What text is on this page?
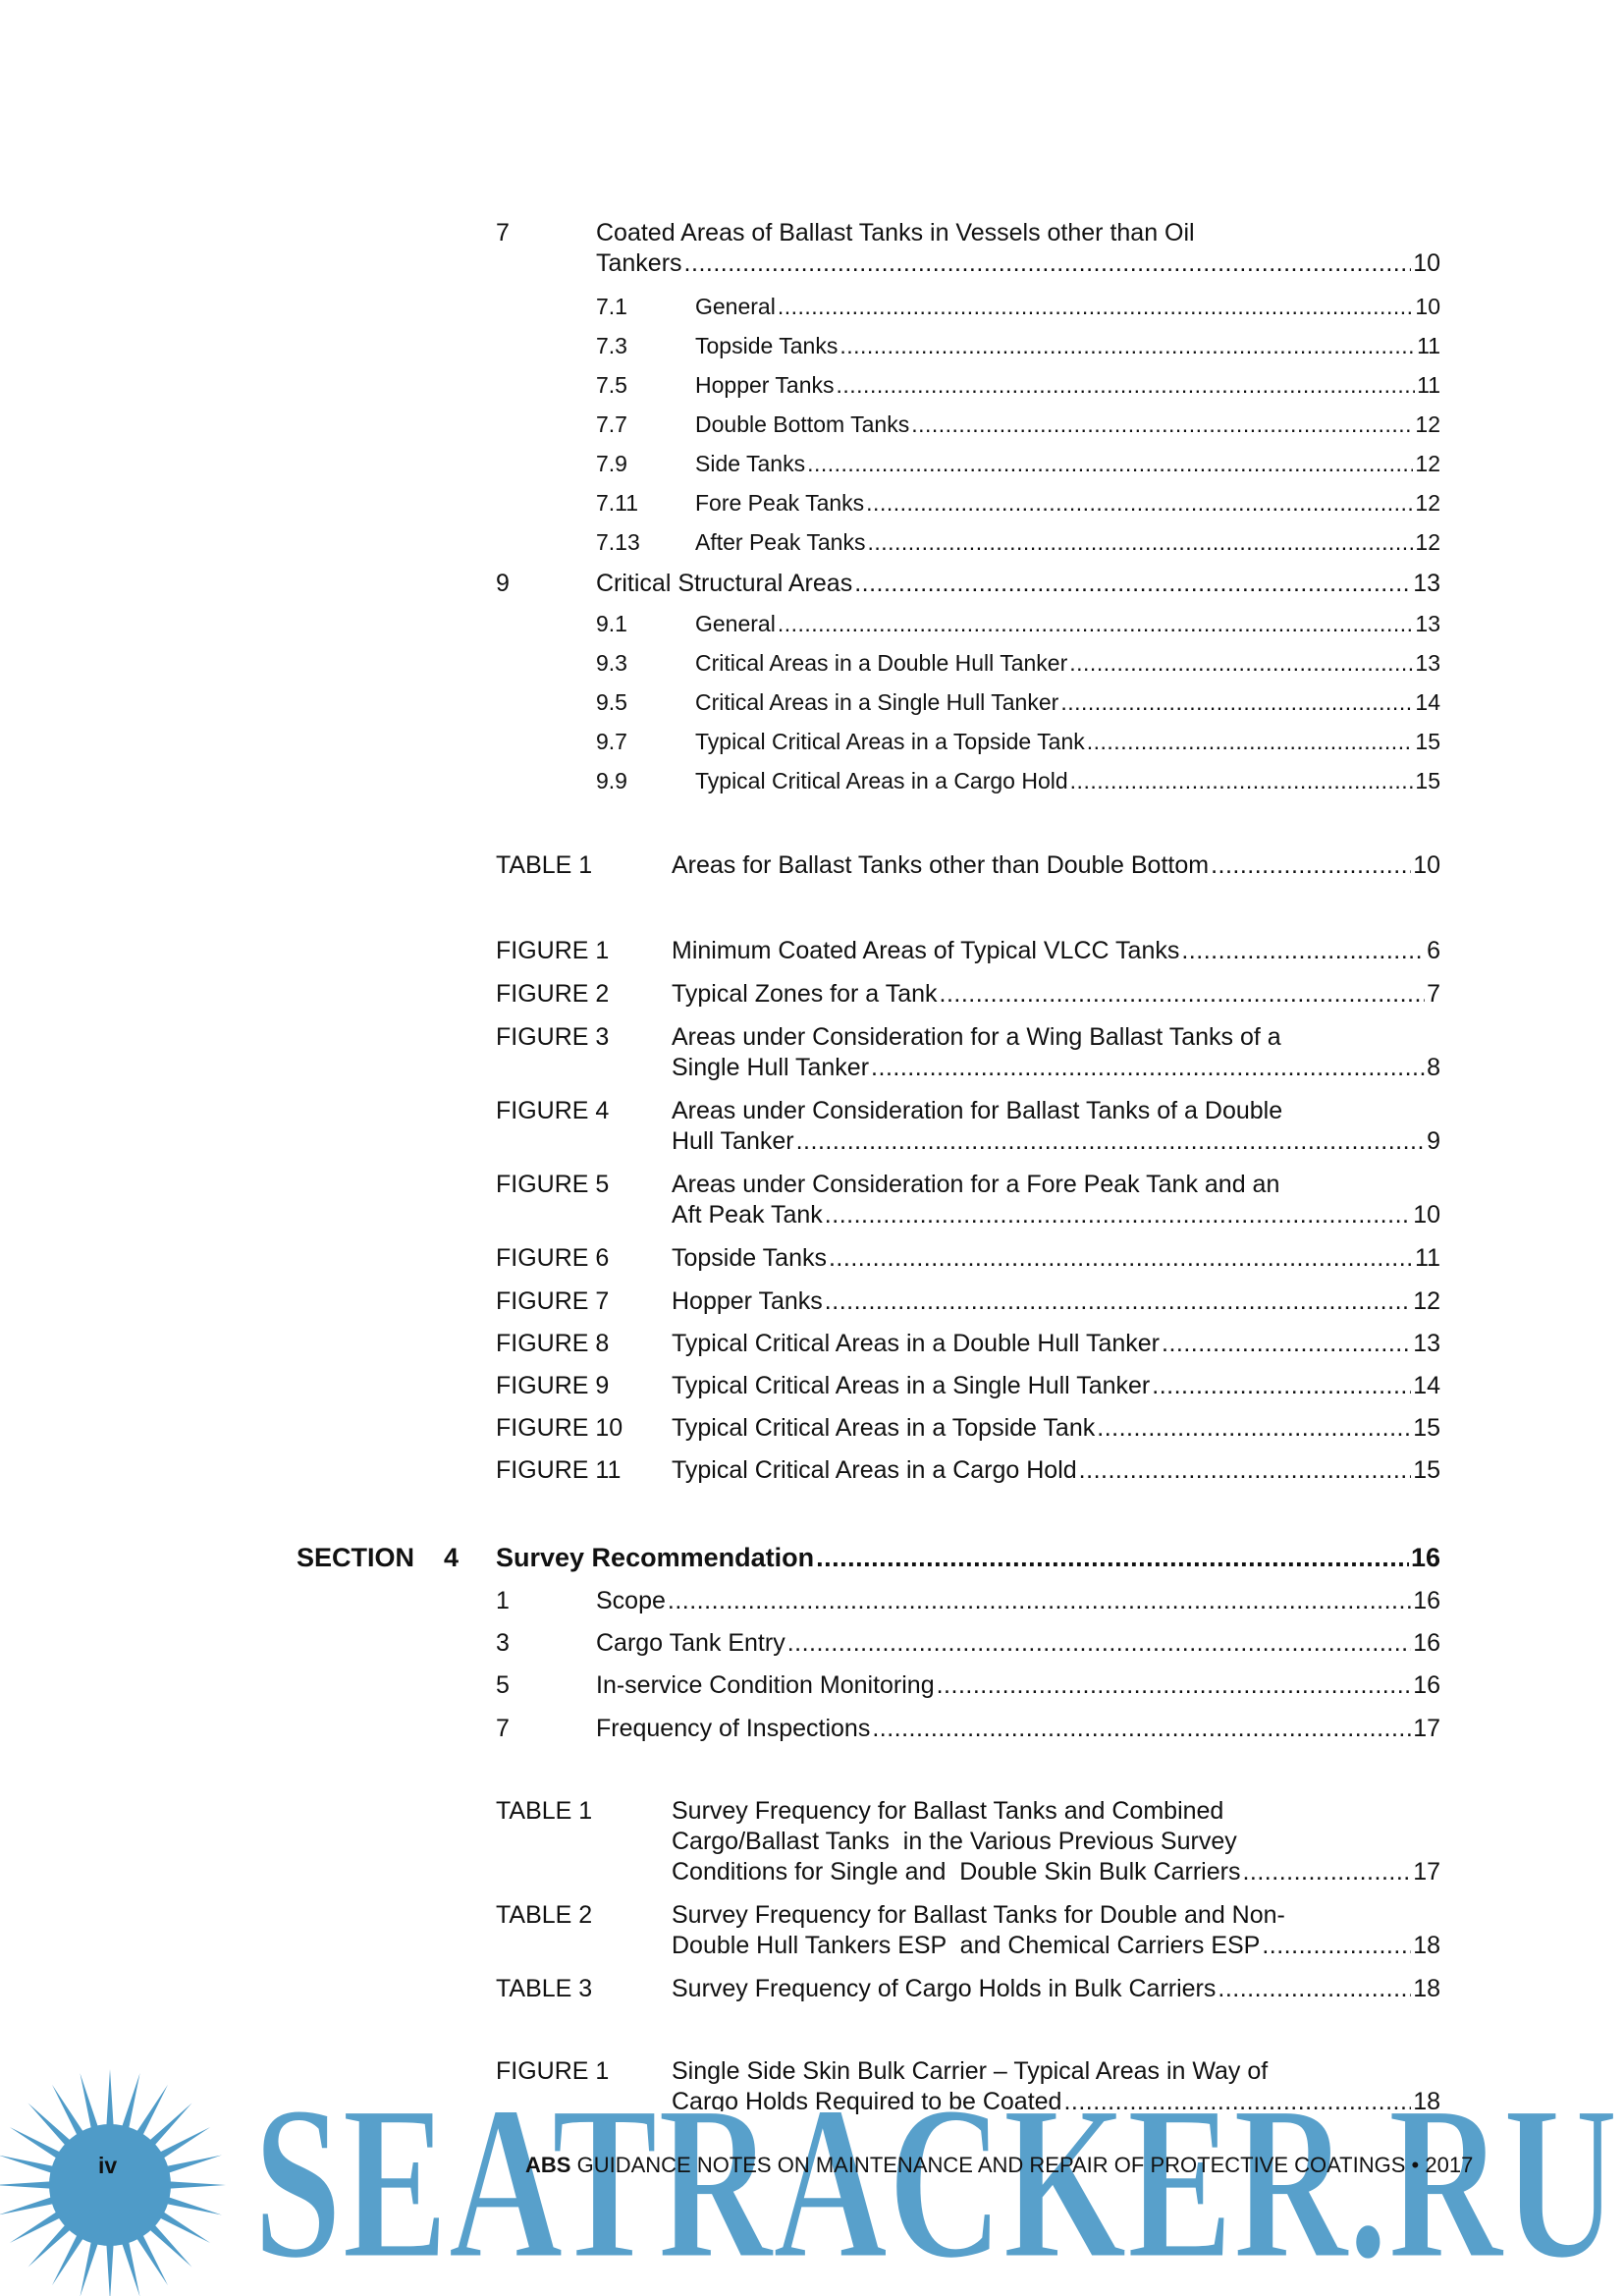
7	Coated Areas of Ballast Tanks in Vessels other than Oil
Tankers .....	10
7.1	General .....	10
7.3	Topside Tanks .....	11
7.5	Hopper Tanks .....	11
7.7	Double Bottom Tanks .....	12
7.9	Side Tanks .....	12
7.11	Fore Peak Tanks .....	12
7.13 After Peak Tanks .....	12
9	Critical Structural Areas .....	13
9.1	General .....	13
9.3	Critical Areas in a Double Hull Tanker .....	13
9.5	Critical Areas in a Single Hull Tanker .....	14
9.7	Typical Critical Areas in a Topside Tank .....	15
9.9	Typical Critical Areas in a Cargo Hold .....	15
TABLE 1	Areas for Ballast Tanks other than Double Bottom .....	10
FIGURE 1	Minimum Coated Areas of Typical VLCC Tanks .....	6
FIGURE 2	Typical Zones for a Tank .....	7
FIGURE 3	Areas under Consideration for a Wing Ballast Tanks of a
Single Hull Tanker .....	8
FIGURE 4	Areas under Consideration for Ballast Tanks of a Double
Hull Tanker .....	9
FIGURE 5	Areas under Consideration for a Fore Peak Tank and an
Aft Peak Tank .....	10
FIGURE 6	Topside Tanks .....	11
FIGURE 7	Hopper Tanks .....	12
FIGURE 8	Typical Critical Areas in a Double Hull Tanker .....	13
FIGURE 9	Typical Critical Areas in a Single Hull Tanker .....	14
FIGURE 10 Typical Critical Areas in a Topside Tank .....	15
FIGURE 11 Typical Critical Areas in a Cargo Hold .....	15
SECTION 4 Survey Recommendation .....	16
1	Scope .....	16
3	Cargo Tank Entry .....	16
5	In-service Condition Monitoring .....	16
7	Frequency of Inspections .....	17
TABLE 1	Survey Frequency for Ballast Tanks and Combined
Cargo/Ballast Tanks  in the Various Previous Survey
Conditions for Single and  Double Skin Bulk Carriers .....	17
TABLE 2	Survey Frequency for Ballast Tanks for Double and Non-
Double Hull Tankers ESP  and Chemical Carriers ESP .....	18
TABLE 3	Survey Frequency of Cargo Holds in Bulk Carriers .....	18
FIGURE 1	Single Side Skin Bulk Carrier – Typical Areas in Way of
Cargo Holds Required to be Coated .....	18
SEATRACKER.RU
iv	ABS GUIDANCE NOTES ON MAINTENANCE AND REPAIR OF PROTECTIVE COATINGS • 2017
